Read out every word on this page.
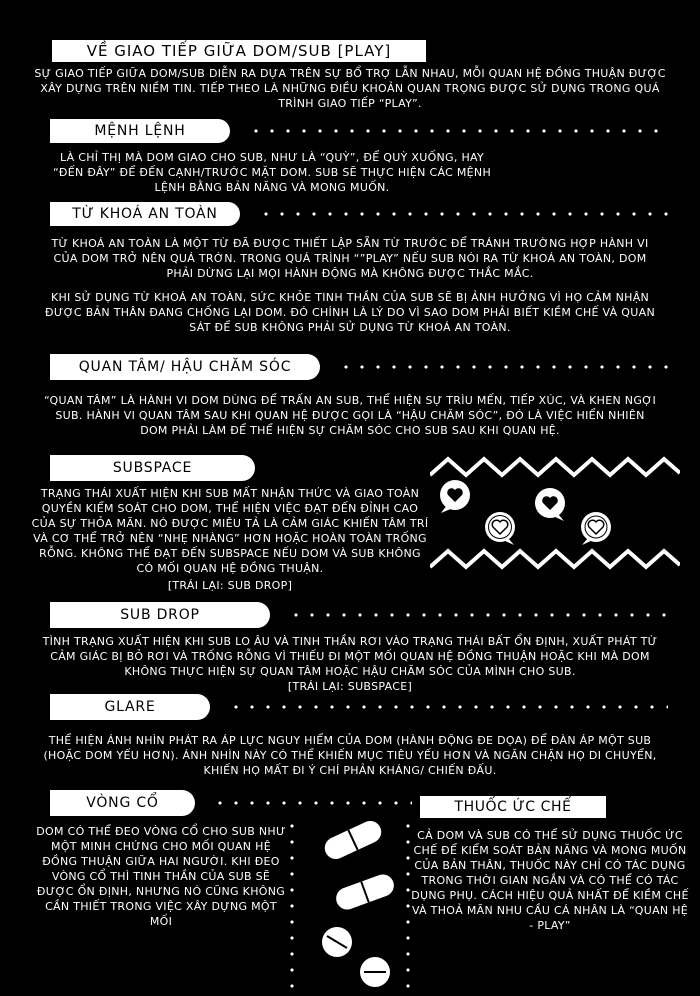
VỀ GIAO TIẾP GIỮA DOM/SUB [PLAY]

SỰ GIAO TIẾP GIỮA DOM/SUB DIỄN RA DỰA TRÊN SỰ BỔ TRỢ LẪN NHAU, MỖI QUAN HỆ ĐỒNG THUẬN ĐƯỢC XÂY DỰNG TRÊN NIỀM TIN. TIẾP THEO LÀ NHỮNG ĐIỀU KHOẢN QUAN TRỌNG ĐƯỢC SỬ DỤNG TRONG QUÁ TRÌNH GIAO TIẾP “PLAY”.

MỆNH LỆNH

LÀ CHỈ THỊ MÀ DOM GIAO CHO SUB, NHƯ LÀ “QUỲ”, ĐỂ QUỲ XUỐNG, HAY “ĐẾN ĐÂY” ĐỂ ĐẾN CẠNH/TRƯỚC MẶT DOM. SUB SẼ THỰC HIỆN CÁC MỆNH LỆNH BẰNG BẢN NĂNG VÀ MONG MUỐN.

TỪ KHOÁ AN TOÀN

TỪ KHOÁ AN TOÀN LÀ MỘT TỪ ĐÃ ĐƯỢC THIẾT LẬP SẴN TỪ TRƯỚC ĐỂ TRÁNH TRƯỜNG HỢP HÀNH VI CỦA DOM TRỞ NÊN QUÁ TRỚN. TRONG QUÁ TRÌNH “”PLAY” NẾU SUB NÓI RA TỪ KHOÁ AN TOÀN, DOM PHẢI DỪNG LẠI MỌI HÀNH ĐỘNG MÀ KHÔNG ĐƯỢC THẮC MẮC.

KHI SỬ DỤNG TỪ KHOÁ AN TOÀN, SỨC KHỎE TINH THẦN CỦA SUB SẼ BỊ ẢNH HƯỞNG VÌ HỌ CẢM NHẬN ĐƯỢC BẢN THÂN ĐANG CHỐNG LẠI DOM. ĐÓ CHÍNH LÀ LÝ DO VÌ SAO DOM PHẢI BIẾT KIỀM CHẾ VÀ QUAN SÁT ĐỂ SUB KHÔNG PHẢI SỬ DỤNG TỪ KHOÁ AN TOÀN.

QUAN TÂM/ HẬU CHĂM SÓC

“QUAN TÂM” LÀ HÀNH VI DOM DÙNG ĐỂ TRẤN AN SUB, THỂ HIỆN SỰ TRÌU MẾN, TIẾP XÚC, VÀ KHEN NGỢI SUB. HÀNH VI QUAN TÂM SAU KHI QUAN HỆ ĐƯỢC GỌI LÀ “HẬU CHĂM SÓC”, ĐÓ LÀ VIỆC HIỂN NHIÊN DOM PHẢI LÀM ĐỂ THỂ HIỆN SỰ CHĂM SÓC CHO SUB SAU KHI QUAN HỆ.

SUBSPACE

TRẠNG THÁI XUẤT HIỆN KHI SUB MẤT NHẬN THỨC VÀ GIAO TOÀN QUYỀN KIỂM SOÁT CHO DOM, THỂ HIỆN VIỆC ĐẠT ĐẾN ĐỈNH CAO CỦA SỰ THỎA MÃN. NÓ ĐƯỢC MIÊU TẢ LÀ CẢM GIÁC KHIẾN TÂM TRÍ VÀ CƠ THỂ TRỞ NÊN “NHẸ NHÀNG” HƠN HOẶC HOÀN TOÀN TRỐNG RỖNG. KHÔNG THỂ ĐẠT ĐẾN SUBSPACE NẾU DOM VÀ SUB KHÔNG CÓ MỐI QUAN HỆ ĐỒNG THUẬN.

[TRÁI LẠI: SUB DROP]

SUB DROP

TÌNH TRẠNG XUẤT HIỆN KHI SUB LO ÂU VÀ TINH THẦN RƠI VÀO TRẠNG THÁI BẤT ỔN ĐỊNH, XUẤT PHÁT TỪ CẢM GIÁC BỊ BỎ RƠI VÀ TRỐNG RỖNG VÌ THIẾU ĐI MỘT MỐI QUAN HỆ ĐỒNG THUẬN HOẶC KHI MÀ DOM KHÔNG THỰC HIỆN SỰ QUAN TÂM HOẶC HẬU CHĂM SÓC CỦA MÌNH CHO SUB.

[TRÁI LẠI: SUBSPACE]

GLARE

THỂ HIỆN ÁNH NHÌN PHÁT RA ÁP LỰC NGUY HIỂM CỦA DOM (HÀNH ĐỘNG ĐE DỌA) ĐỂ ĐÀN ÁP MỘT SUB (HOẶC DOM YẾU HƠN). ÁNH NHÌN NÀY CÓ THỂ KHIẾN MỤC TIÊU YẾU HƠN VÀ NGĂN CHẶN HỌ DI CHUYỂN, KHIẾN HỌ MẤT ĐI Ý CHÍ PHẢN KHÁNG/ CHIẾN ĐẤU.

VÒNG CỔ

DOM CÓ THỂ ĐEO VÒNG CỔ CHO SUB NHƯ MỘT MINH CHỨNG CHO MỐI QUAN HỆ ĐỒNG THUẬN GIỮA HAI NGƯỜI. KHI ĐEO VÒNG CỔ THÌ TINH THẦN CỦA SUB SẼ ĐƯỢC ỔN ĐỊNH, NHƯNG NÓ CŨNG KHÔNG CẦN THIẾT TRONG VIỆC XÂY DỰNG MỘT MỐI

THUỐC ỨC CHẾ

CẢ DOM VÀ SUB CÓ THỂ SỬ DỤNG THUỐC ỨC CHẾ ĐỂ KIỂM SOÁT BẢN NĂNG VÀ MONG MUỐN CỦA BẢN THÂN, THUỐC NÀY CHỈ CÓ TÁC DỤNG TRONG THỜI GIAN NGẮN VÀ CÓ THỂ CÓ TÁC DỤNG PHỤ. CÁCH HIỆU QUẢ NHẤT ĐỂ KIỀM CHẾ VÀ THOẢ MÃN NHU CẦU CÁ NHÂN LÀ “QUAN HỆ - PLAY”
